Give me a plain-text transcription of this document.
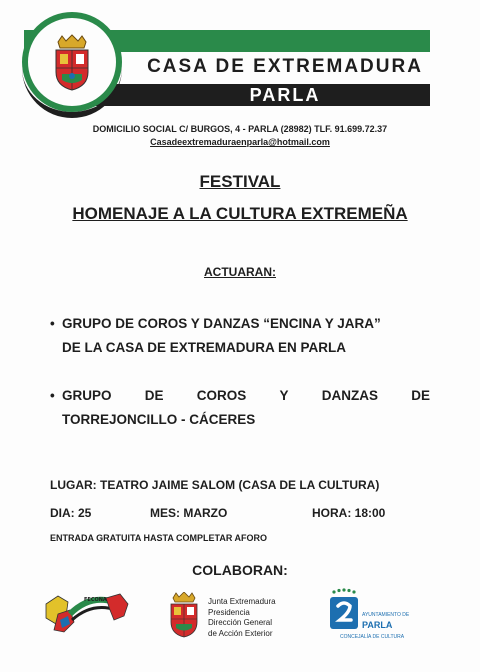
CASA DE EXTREMADURA
PARLA
DOMICILIO SOCIAL C/ BURGOS, 4 - PARLA (28982) TLF. 91.699.72.37
Casadeextremaduraenparla@hotmail.com
FESTIVAL
HOMENAJE A LA CULTURA EXTREMEÑA
ACTUARAN:
• GRUPO DE COROS Y DANZAS “ENCINA Y JARA”
DE LA CASA DE EXTREMADURA EN PARLA
• GRUPO DE COROS Y DANZAS DE
TORREJONCILLO - CÁCERES
LUGAR: TEATRO JAIME SALOM (CASA DE LA CULTURA)
DIA: 25	MES: MARZO	HORA: 18:00
ENTRADA GRATUITA HASTA COMPLETAR AFORO
COLABORAN:
FECONA	Junta Extremadura
Presidencia
Dirección General
de Acción Exterior
AYUNTAMIENTO DE
PARLA
CONCEJALÍA DE CULTURA
